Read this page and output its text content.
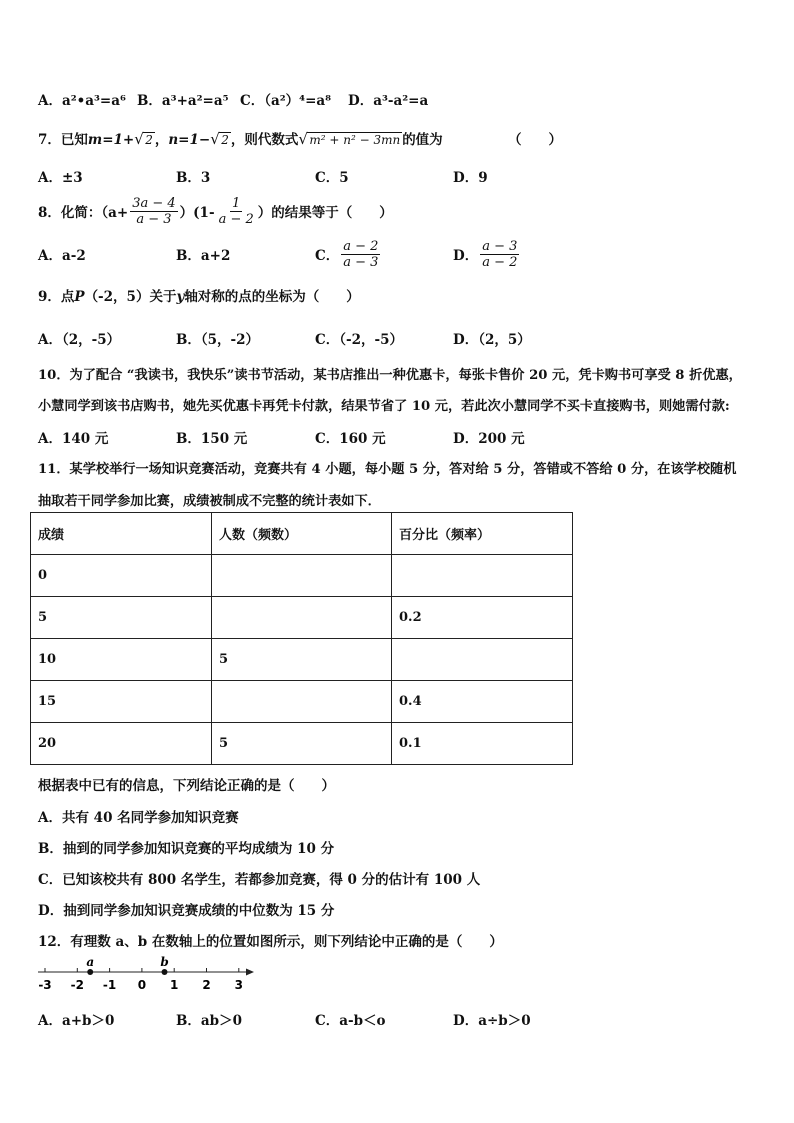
A．a²•a³=a⁶ B．a³+a²=a⁵ C．（a²）⁴=a⁸ D．a³-a²=a
7．已知m=1+ √ 2 ，n=1− √ 2 ，则代数式 √ m² + n² − 3mn 的值为	（　　）
A．±3	B．3	C．5	D．9
8． 化简：$(a+ \frac{3a - 4}{a - 3} )(1- \frac{1}{a - 2}$ ）的结果等于（　　）
A．a-2	B．a+2	C． $\frac{a - 2}{a - 3}$	D． $\frac{a - 3}{a - 2}$
9．点P（-2，5）关于y轴对称的点的坐标为（　　）
A．（2，-5）	B．（5，-2）	C．（-2，-5）	D．（2，5）
10．为了配合 “我读书，我快乐”读书节活动，某书店推出一种优惠卡，每张卡售价 20 元，凭卡购书可享受 8 折优惠，
小慧同学到该书店购书，她先买优惠卡再凭卡付款，结果节省了 10 元，若此次小慧同学不买卡直接购书，则她需付款:
A．140 元	B．150 元	C．160 元	D．200 元
11．某学校举行一场知识竞赛活动，竞赛共有 4 小题，每小题 5 分，答对给 5 分，答错或不答给 0 分，在该学校随机
抽取若干同学参加比赛，成绩被制成不完整的统计表如下．
成绩	人数（频数）	百分比（频率）
0		
5		0.2
10	5	
15		0.4
20	5	0.1
根据表中已有的信息，下列结论正确的是（　　）
A．共有 40 名同学参加知识竞赛
B．抽到的同学参加知识竞赛的平均成绩为 10 分
C．已知该校共有 800 名学生，若都参加竞赛，得 0 分的估计有 100 人
D．抽到同学参加知识竞赛成绩的中位数为 15 分
12．有理数 a、b 在数轴上的位置如图所示，则下列结论中正确的是（　　）
-3 -2 -1 0 1 2 3
a	b
A．a+b＞0	B．ab＞0	C．a-b＜o	D．a÷b＞0
